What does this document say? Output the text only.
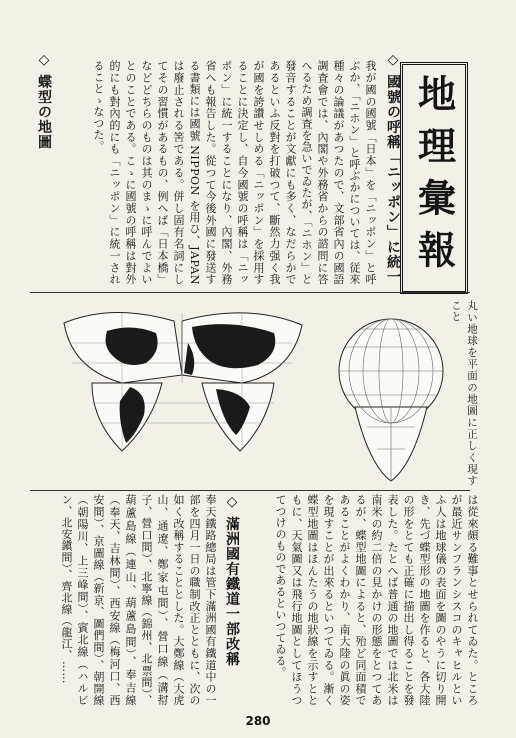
地理彙報
◇ 國號の呼稱「ニッポン」に統一
我が國の國號「日本」を「ニッポン」と呼ぶか、「ニホン」と呼ぶかについては、従來種々の論議があつたので、文部省內の國語調査會では、內閣や外務省からの諮問に答へるため調査を急いでゐたが、「ニホン」と發音することが文獻にも多く、なだらかであるといふ反對を打破つて、斷然力强く我が國を誇讚せしめる「ニッポン」を採用することに決定し、自今國號の呼稱は「ニッポン」に統一することになり、內閣、外務省へも報告した。從つて今後外國に發送する書類には國號 NIPPON を用ひ、JAPAN は廢止される筈である。併し固有名詞にしてその習慣があるもの、例へば「日本橋」などどちらのものは其のまゝに呼んでよいとのことである。こゝに國號の呼稱は對外的にも對內的にも「ニッポン」に統一されることゝなつた。
◇ 蝶型の地圖
丸い地球を平面の地圖に正しく現すこと
は從來頗る難事とせられてゐた。ところが最近サンフランシスコのキャヒルといふ人は地球儀の表面を圖のやうに切り開き、先づ蝶型形の地圖を作ると、各大陸の形をとても正確に描出し得ることを發表した。たとへば普通の地圖では北米は南米の約二倍の見かけの形態をとつてあるが、蝶型地圖によると、殆ど同面積であることがよくわかり、南大陸の眞の姿を現すことが出來るといつてゐる。漸く蝶型地圖はほんたうの地狀線を示すとともに、天氣圖又は飛行地圖としてほうつてつけのものであるといつてゐる。
◇ 滿洲國有鐵道一部改稱
奉天鐵路總局は管下滿洲國有鐵道中の一部を四月一日の職制改正とともに、次の如く改稱することとした。大鄭線（大虎山、通遼、鄭家屯間）、營口線（溝幇子、營口間）、北寧線（錦州、北票間）、葫蘆島線（連山、葫蘆島間）、奉吉線（奉天、吉林間）、西安線（梅河口、西安間）、京圖線（新京、圖們間）、朝開線（朝陽川、上三峰間）、賓北線（ハルビン、北安鎭間）、齊北線（龍江、……
280
